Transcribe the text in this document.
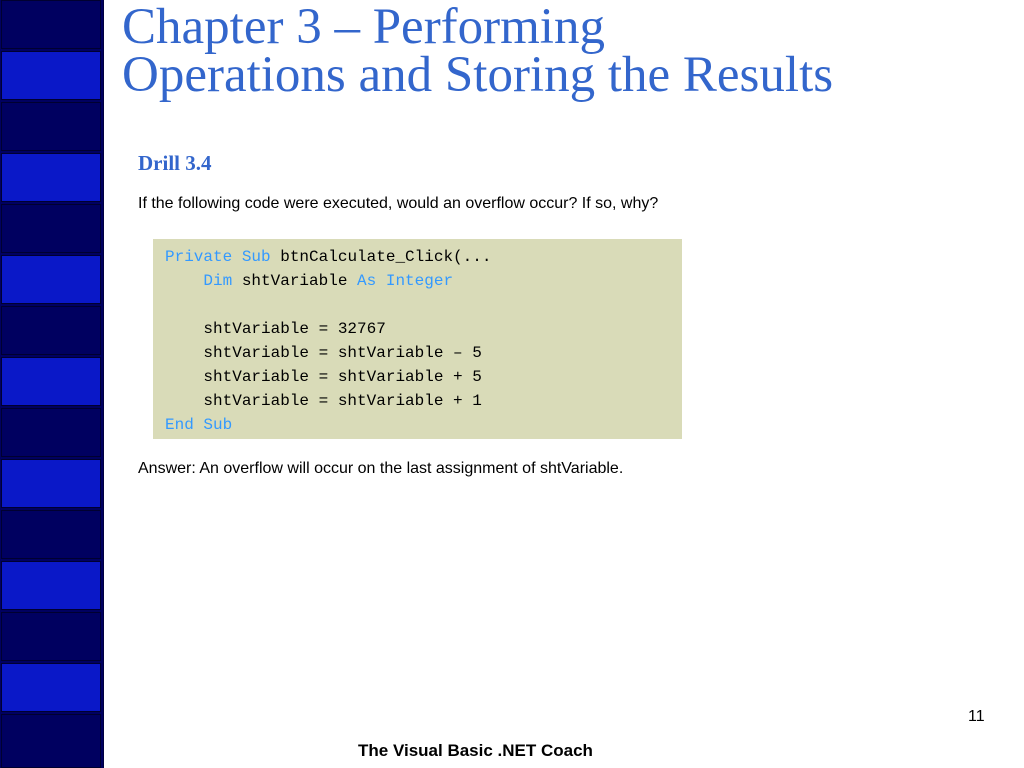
Chapter 3 – Performing
Operations and Storing the Results
Drill 3.4
If the following code were executed, would an overflow occur? If so, why?
Private Sub btnCalculate_Click(...
Dim shtVariable As Integer
shtVariable = 32767
shtVariable = shtVariable – 5
shtVariable = shtVariable + 5
shtVariable = shtVariable + 1
End Sub
Answer: An overflow will occur on the last assignment of shtVariable.
11
The Visual Basic .NET Coach
